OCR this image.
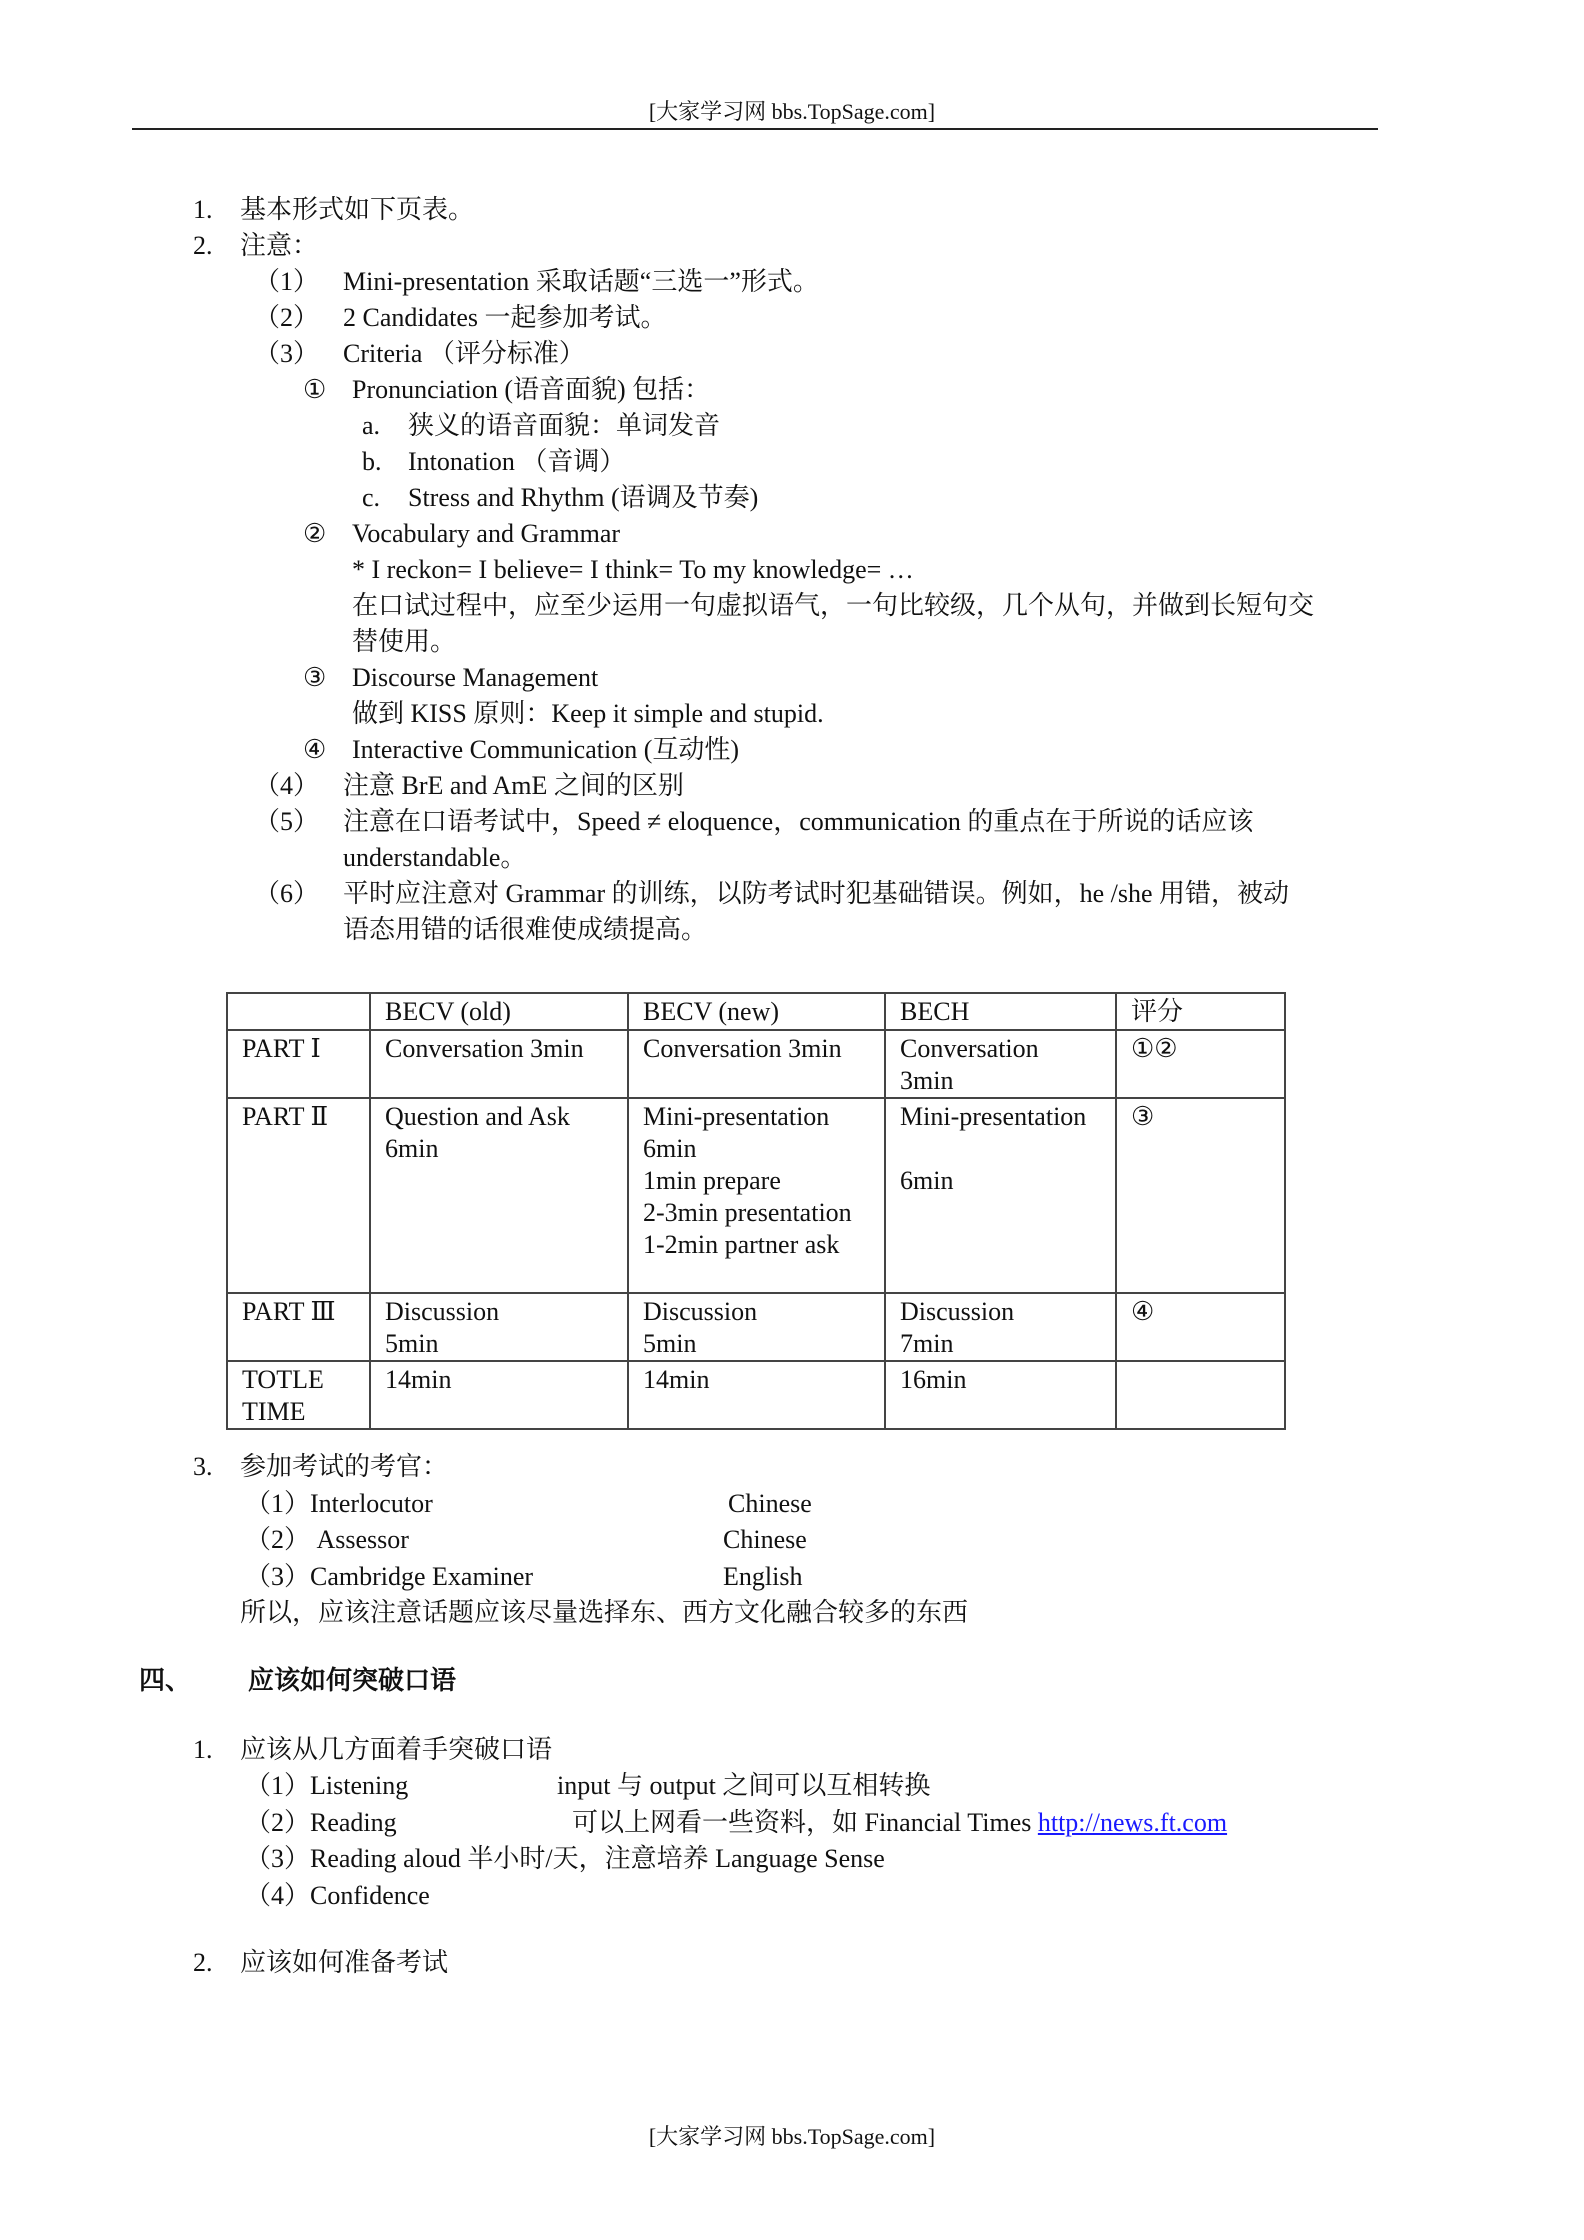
[大家学习网 bbs.TopSage.com]
1. 基本形式如下页表。
2. 注意：
（1） Mini-presentation 采取话题“三选一”形式。
（2） 2 Candidates 一起参加考试。
（3） Criteria （评分标准）
① Pronunciation (语音面貌) 包括：
a. 狭义的语音面貌：单词发音
b. Intonation （音调）
c. Stress and Rhythm (语调及节奏)
② Vocabulary and Grammar
* I reckon= I believe= I think= To my knowledge= …
在口试过程中，应至少运用一句虚拟语气，一句比较级，几个从句，并做到长短句交
替使用。
③ Discourse Management
做到 KISS 原则：Keep it simple and stupid.
④ Interactive Communication (互动性)
（4） 注意 BrE and AmE 之间的区别
（5） 注意在口语考试中，Speed ≠ eloquence，communication 的重点在于所说的话应该
understandable。
（6） 平时应注意对 Grammar 的训练，以防考试时犯基础错误。例如，he /she 用错，被动
语态用错的话很难使成绩提高。
	BECV (old)	BECV (new)	BECH	评分
PART Ⅰ	Conversation 3min	Conversation 3min	Conversation
3min	①②
PART Ⅱ	Question and Ask
6min	Mini-presentation
6min
1min prepare
2-3min presentation
1-2min partner ask	Mini-presentation

6min	③
PART Ⅲ	Discussion
5min	Discussion
5min	Discussion
7min	④
TOTLE
TIME	14min	14min	16min	
3. 参加考试的考官：
（1）Interlocutor	Chinese
（2） Assessor	Chinese
（3）Cambridge Examiner	English
所以，应该注意话题应该尽量选择东、西方文化融合较多的东西
四、 应该如何突破口语
1. 应该从几方面着手突破口语
（1）Listening	input 与 output 之间可以互相转换
（2）Reading	可以上网看一些资料，如 Financial Times http://news.ft.com
（3）Reading aloud 半小时/天，注意培养 Language Sense
（4）Confidence
2. 应该如何准备考试
[大家学习网 bbs.TopSage.com]
